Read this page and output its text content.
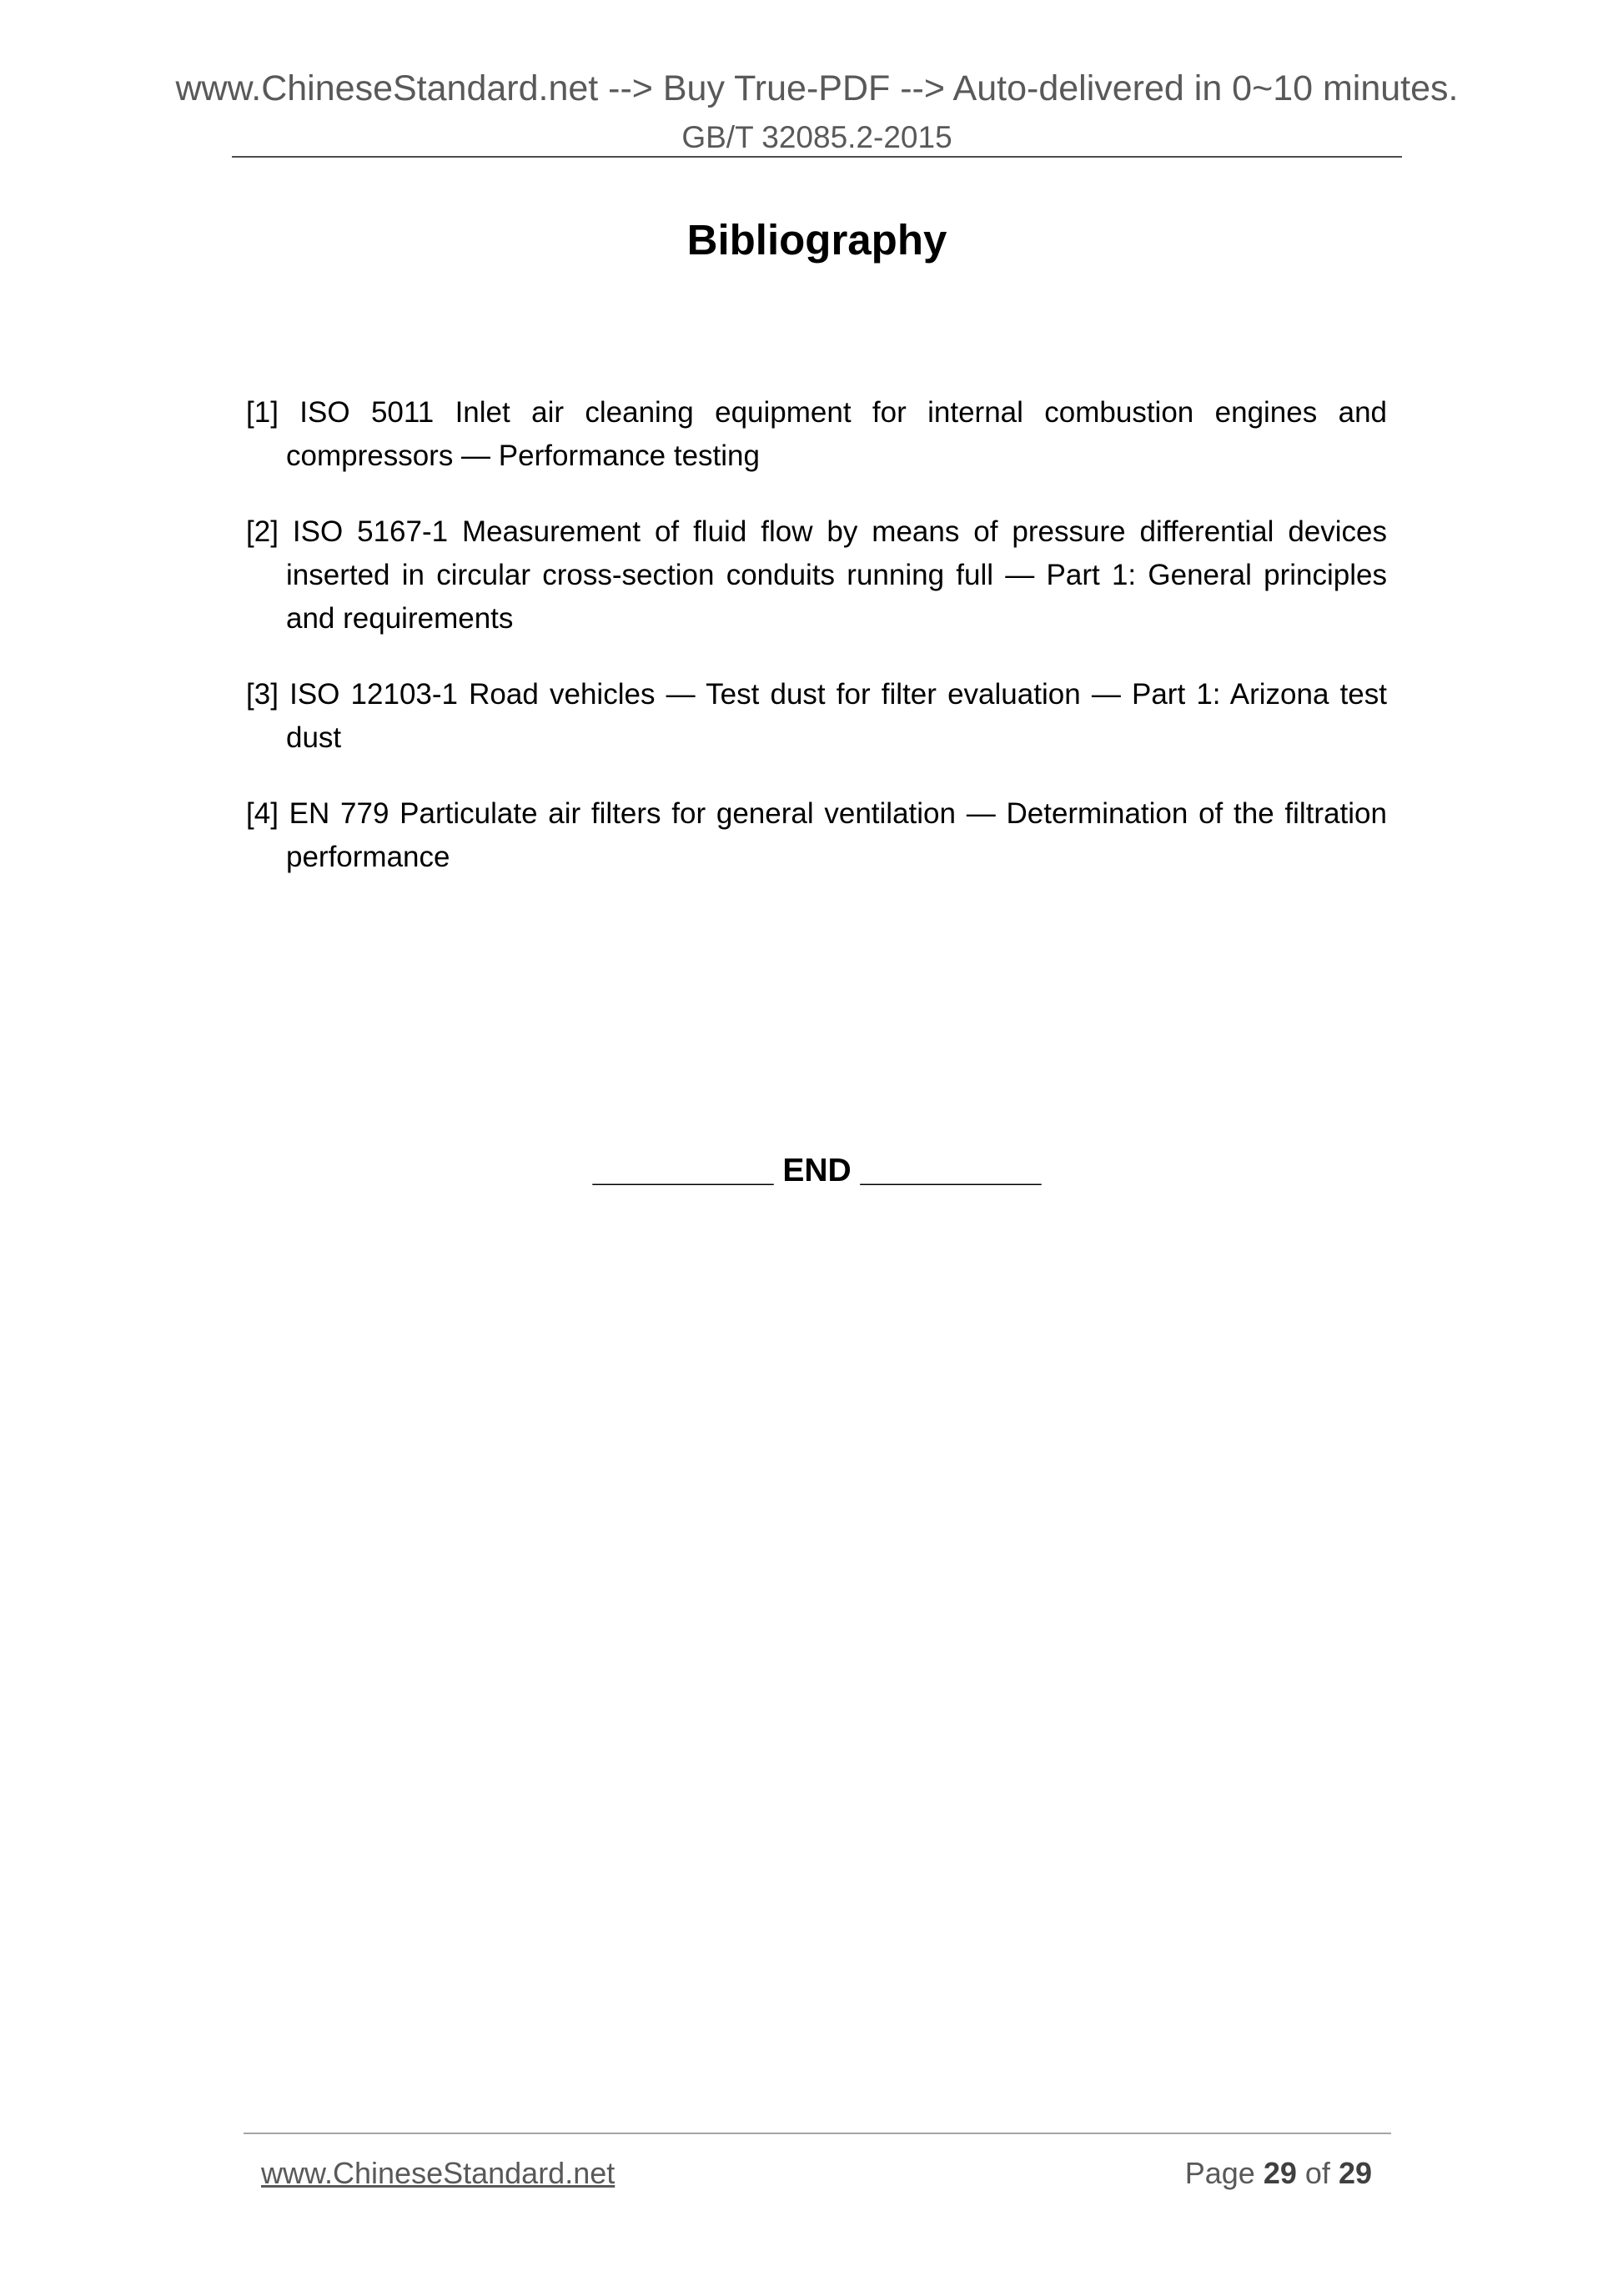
www.ChineseStandard.net --> Buy True-PDF --> Auto-delivered in 0~10 minutes.
GB/T 32085.2-2015
Bibliography

[1] ISO 5011 Inlet air cleaning equipment for internal combustion engines and compressors — Performance testing

[2] ISO 5167-1 Measurement of fluid flow by means of pressure differential devices inserted in circular cross-section conduits running full — Part 1: General principles and requirements

[3] ISO 12103-1 Road vehicles — Test dust for filter evaluation — Part 1: Arizona test dust

[4] EN 779 Particulate air filters for general ventilation — Determination of the filtration performance

__________ END __________
www.ChineseStandard.net	Page 29 of 29
